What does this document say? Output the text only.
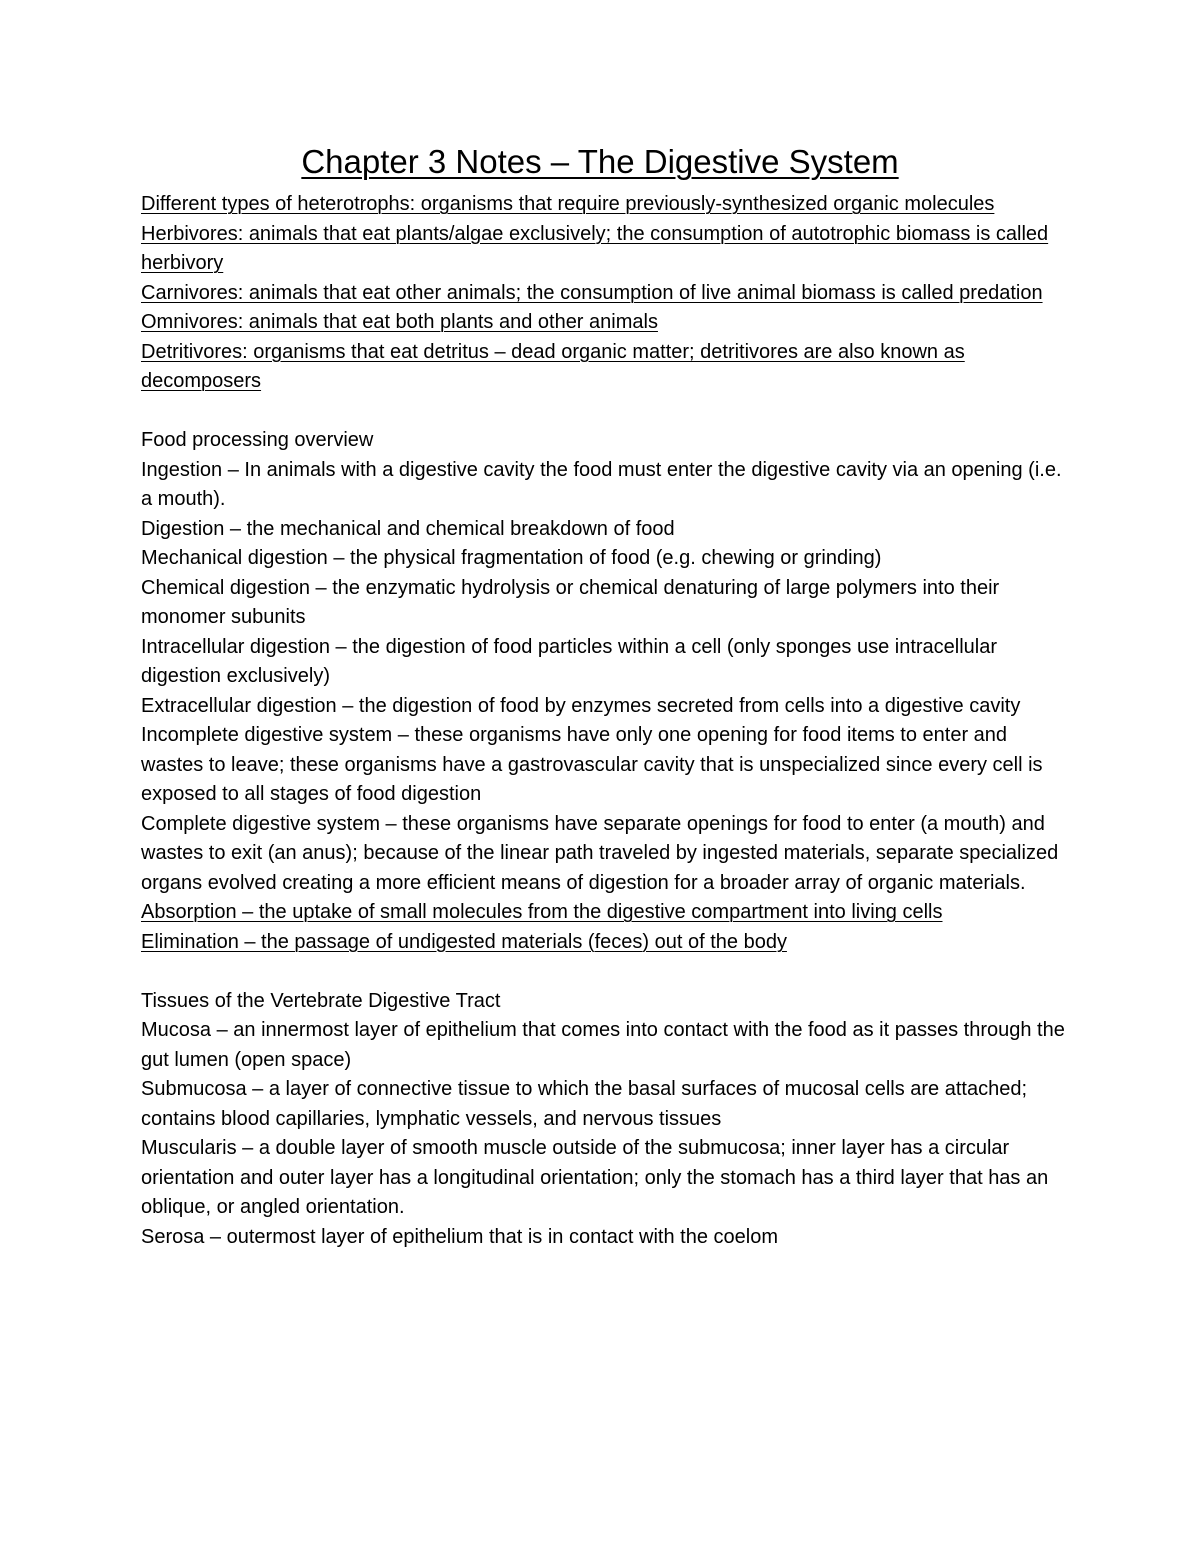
Chapter 3 Notes – The Digestive System

Different types of heterotrophs: organisms that require previously-synthesized organic molecules

Herbivores: animals that eat plants/algae exclusively; the consumption of autotrophic biomass is called herbivory

Carnivores: animals that eat other animals; the consumption of live animal biomass is called predation

Omnivores: animals that eat both plants and other animals

Detritivores: organisms that eat detritus – dead organic matter; detritivores are also known as decomposers

Food processing overview

Ingestion – In animals with a digestive cavity the food must enter the digestive cavity via an opening (i.e. a mouth).

Digestion – the mechanical and chemical breakdown of food

Mechanical digestion – the physical fragmentation of food (e.g. chewing or grinding)

Chemical digestion – the enzymatic hydrolysis or chemical denaturing of large polymers into their monomer subunits

Intracellular digestion – the digestion of food particles within a cell (only sponges use intracellular digestion exclusively)

Extracellular digestion – the digestion of food by enzymes secreted from cells into a digestive cavity

Incomplete digestive system – these organisms have only one opening for food items to enter and wastes to leave; these organisms have a gastrovascular cavity that is unspecialized since every cell is exposed to all stages of food digestion

Complete digestive system – these organisms have separate openings for food to enter (a mouth) and wastes to exit (an anus); because of the linear path traveled by ingested materials, separate specialized organs evolved creating a more efficient means of digestion for a broader array of organic materials.

Absorption – the uptake of small molecules from the digestive compartment into living cells

Elimination – the passage of undigested materials (feces) out of the body

Tissues of the Vertebrate Digestive Tract

Mucosa – an innermost layer of epithelium that comes into contact with the food as it passes through the gut lumen (open space)

Submucosa – a layer of connective tissue to which the basal surfaces of mucosal cells are attached; contains blood capillaries, lymphatic vessels, and nervous tissues

Muscularis – a double layer of smooth muscle outside of the submucosa; inner layer has a circular orientation and outer layer has a longitudinal orientation; only the stomach has a third layer that has an oblique, or angled orientation.

Serosa – outermost layer of epithelium that is in contact with the coelom
